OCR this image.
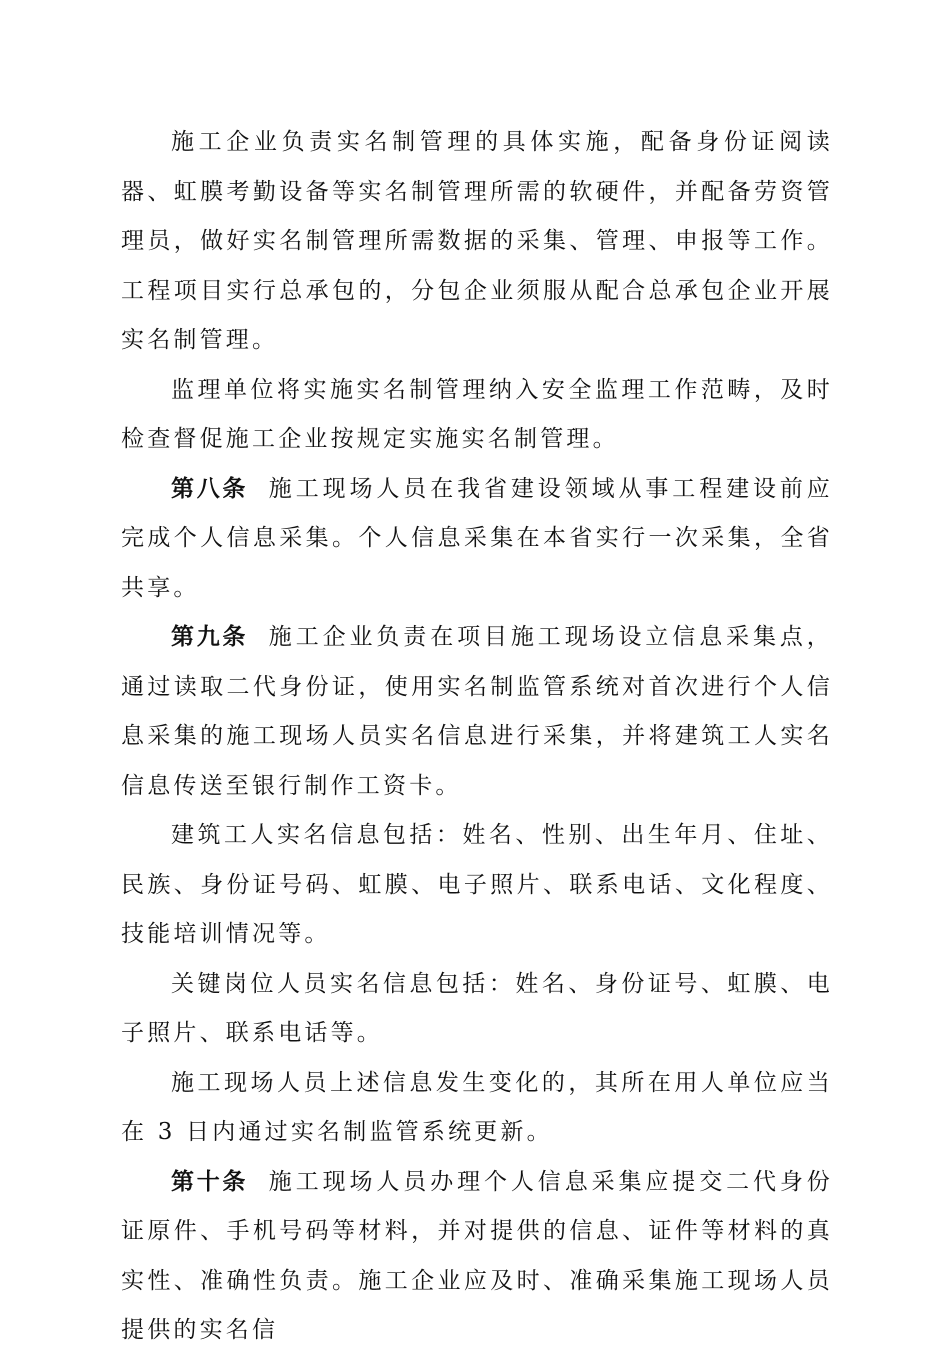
施工企业负责实名制管理的具体实施，配备身份证阅读器、虹膜考勤设备等实名制管理所需的软硬件，并配备劳资管理员，做好实名制管理所需数据的采集、管理、申报等工作。工程项目实行总承包的，分包企业须服从配合总承包企业开展实名制管理。

监理单位将实施实名制管理纳入安全监理工作范畴，及时检查督促施工企业按规定实施实名制管理。

第八条 施工现场人员在我省建设领域从事工程建设前应完成个人信息采集。个人信息采集在本省实行一次采集，全省共享。

第九条 施工企业负责在项目施工现场设立信息采集点，通过读取二代身份证，使用实名制监管系统对首次进行个人信息采集的施工现场人员实名信息进行采集，并将建筑工人实名信息传送至银行制作工资卡。

建筑工人实名信息包括：姓名、性别、出生年月、住址、民族、身份证号码、虹膜、电子照片、联系电话、文化程度、技能培训情况等。

关键岗位人员实名信息包括：姓名、身份证号、虹膜、电子照片、联系电话等。

施工现场人员上述信息发生变化的，其所在用人单位应当在 3 日内通过实名制监管系统更新。

第十条 施工现场人员办理个人信息采集应提交二代身份证原件、手机号码等材料，并对提供的信息、证件等材料的真实性、准确性负责。施工企业应及时、准确采集施工现场人员提供的实名信
